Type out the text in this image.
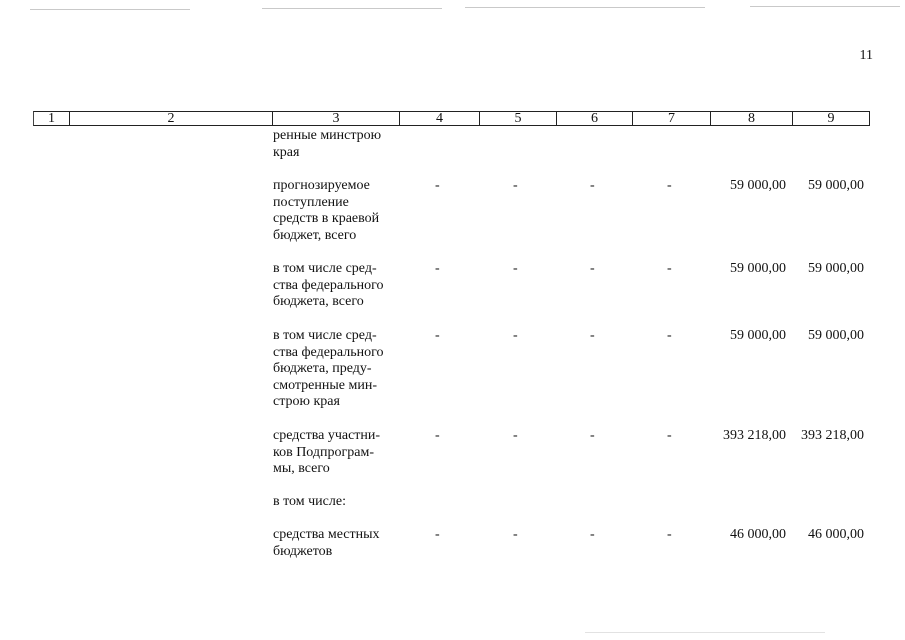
11
1	2	3	4	5	6	7	8	9
ренные минстрою
края
прогнозируемое
поступление
средств в краевой
бюджет, всего
-	-	-	-	59 000,00 59 000,00
в том числе сред-
ства федерального
бюджета, всего
-	-	-	-	59 000,00 59 000,00
в том числе сред-
ства федерального
бюджета, преду-
смотренные мин-
строю края
-	-	-	-	59 000,00 59 000,00
средства участни-
ков Подпрограм-
мы, всего
-	-	-	-	393 218,00 393 218,00
в том числе:
средства местных
бюджетов
-	-	-	-	46 000,00 46 000,00
